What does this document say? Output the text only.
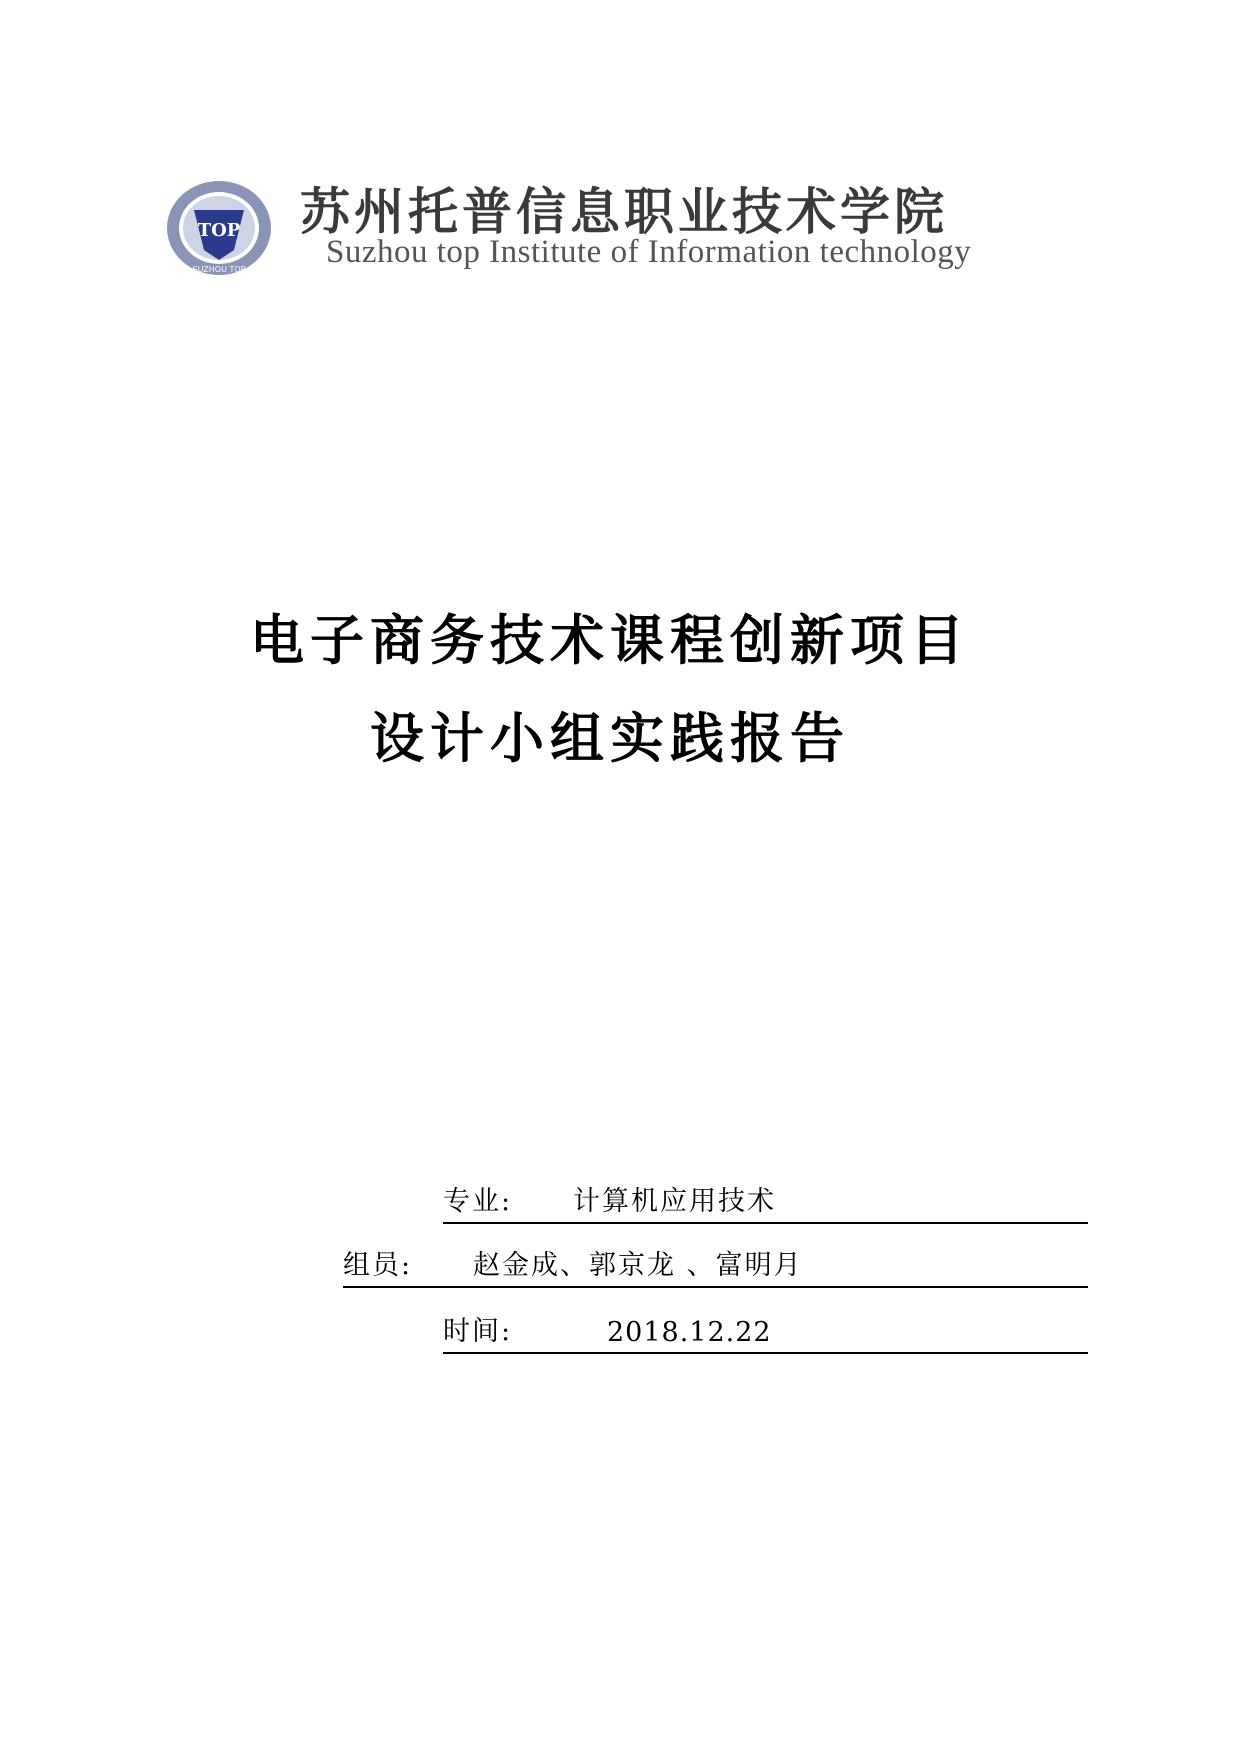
TOP
SUZHOU TOP
苏州托普信息职业技术学院
Suzhou top Institute of Information technology
电子商务技术课程创新项目
设计小组实践报告
专业: 计算机应用技术
组员: 赵金成、郭京龙 、富明月
时间:	2018.12.22
